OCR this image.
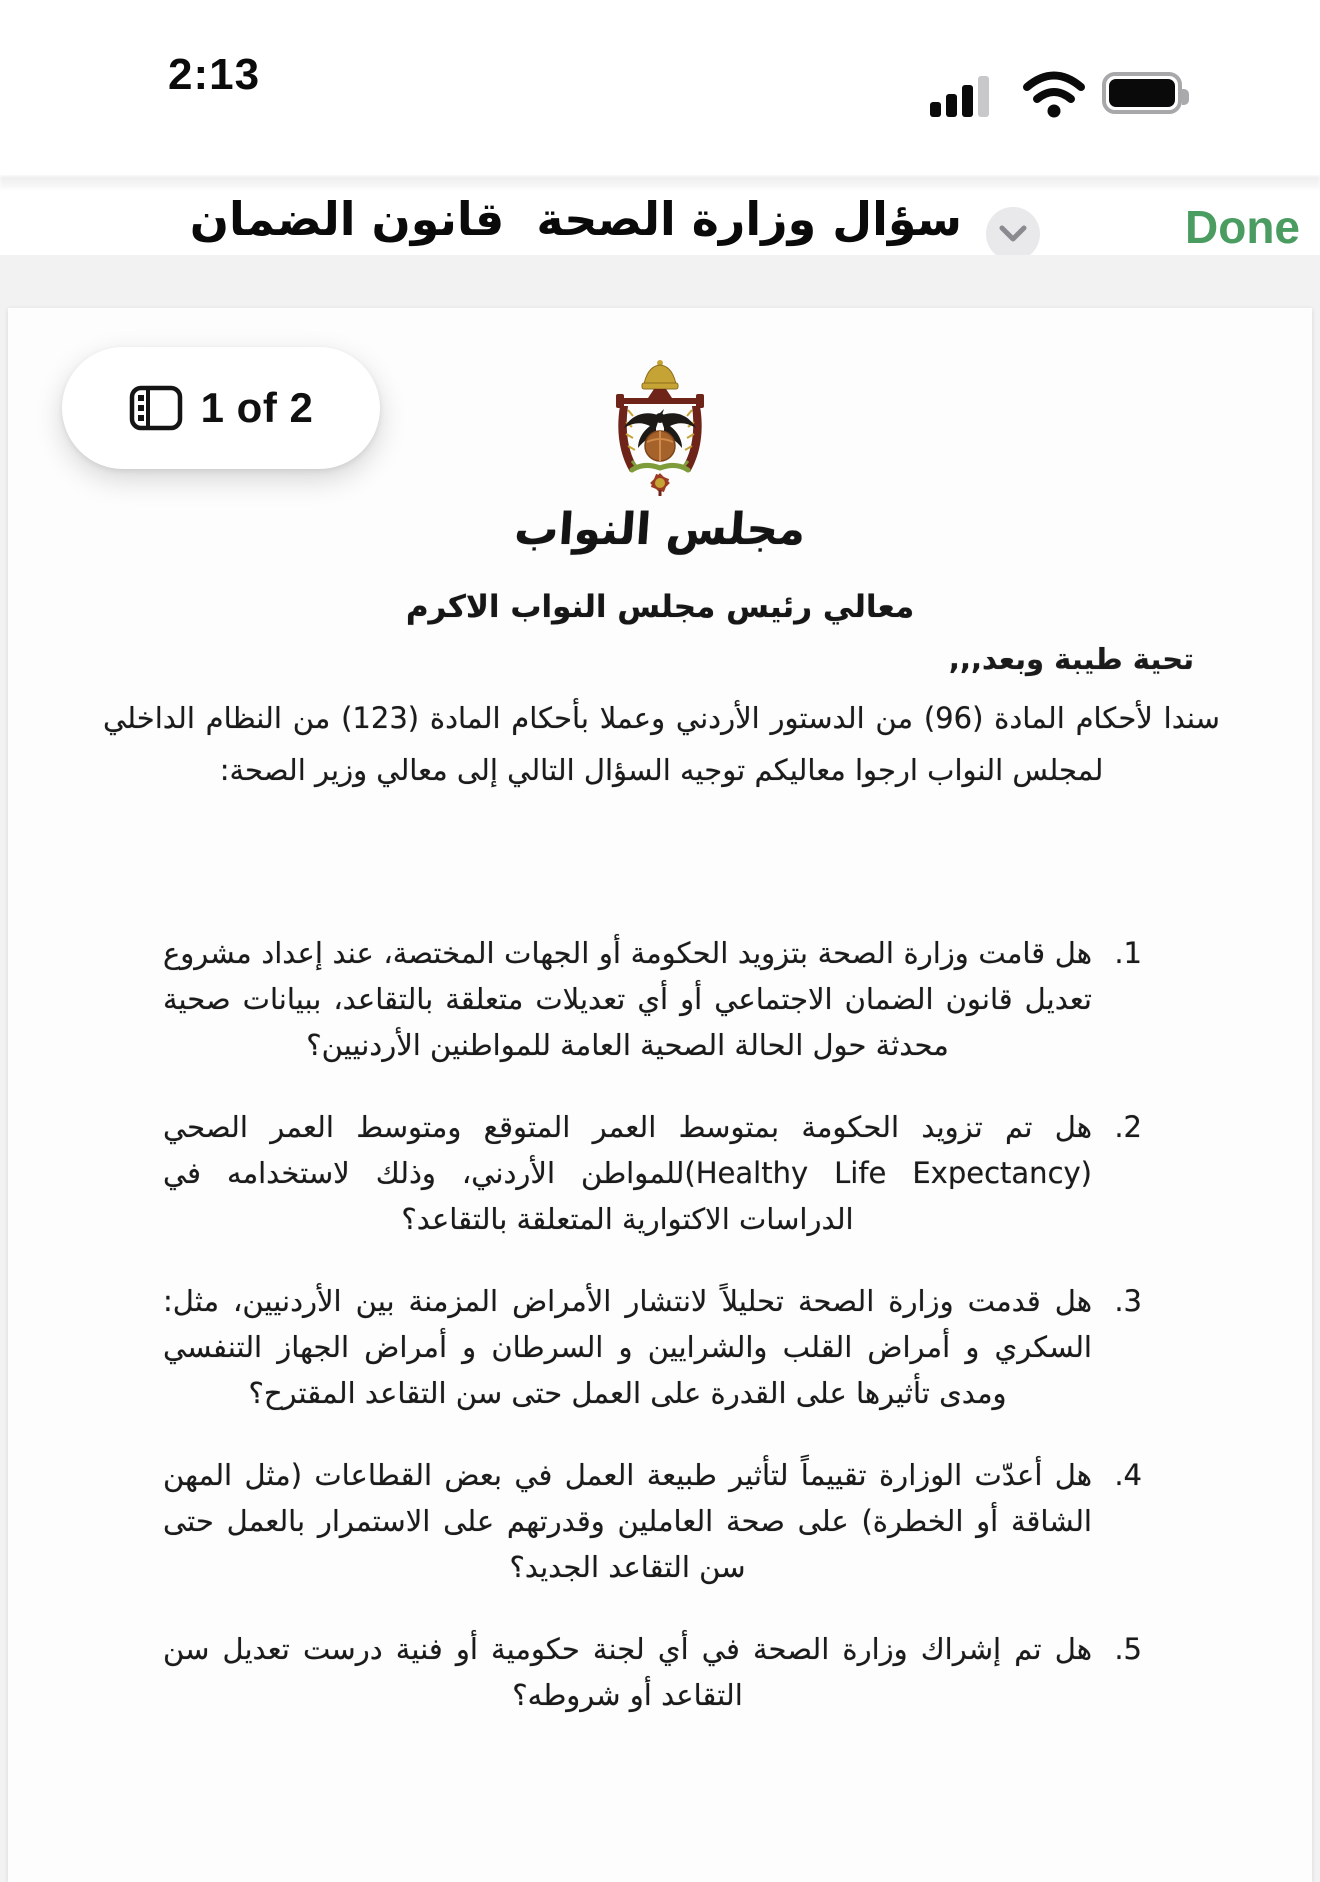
2:13
سؤال وزارة الصحة  قانون الضمان	Done
مجلس النواب
معالي رئيس مجلس النواب الاكرم
تحية طيبة وبعد,,,
سندا لأحكام المادة (96) من الدستور الأردني وعملا بأحكام المادة (123) من النظام الداخلي لمجلس النواب ارجوا معاليكم توجيه السؤال التالي إلى معالي وزير الصحة:
1.
هل قامت وزارة الصحة بتزويد الحكومة أو الجهات المختصة، عند إعداد مشروع تعديل قانون الضمان الاجتماعي أو أي تعديلات متعلقة بالتقاعد، ببيانات صحية محدثة حول الحالة الصحية العامة للمواطنين الأردنيين؟
2.
هل تم تزويد الحكومة بمتوسط العمر المتوقع ومتوسط العمر الصحي (Healthy Life Expectancy)للمواطن الأردني، وذلك لاستخدامه في الدراسات الاكتوارية المتعلقة بالتقاعد؟
3.
هل قدمت وزارة الصحة تحليلاً لانتشار الأمراض المزمنة بين الأردنيين، مثل: السكري و أمراض القلب والشرايين و السرطان و أمراض الجهاز التنفسي ومدى تأثيرها على القدرة على العمل حتى سن التقاعد المقترح؟
4.
هل أعدّت الوزارة تقييماً لتأثير طبيعة العمل في بعض القطاعات (مثل المهن الشاقة أو الخطرة) على صحة العاملين وقدرتهم على الاستمرار بالعمل حتى سن التقاعد الجديد؟
5.
هل تم إشراك وزارة الصحة في أي لجنة حكومية أو فنية درست تعديل سن التقاعد أو شروطه؟
1 of 2
